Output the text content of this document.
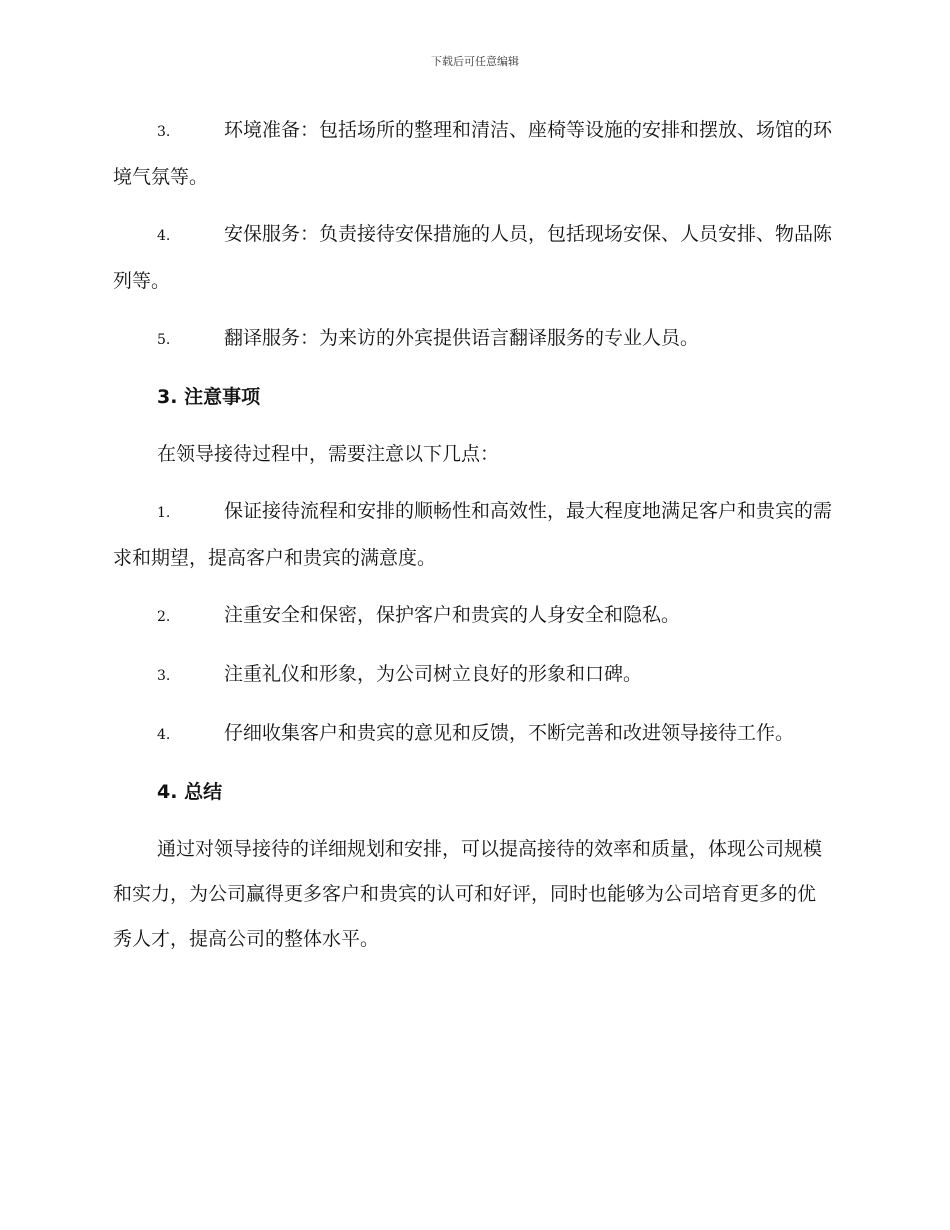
下载后可任意编辑
3.	环境准备：包括场所的整理和清洁、座椅等设施的安排和摆放、场馆的环境气氛等。
4.	安保服务：负责接待安保措施的人员，包括现场安保、人员安排、物品陈列等。
5.	翻译服务：为来访的外宾提供语言翻译服务的专业人员。
3. 注意事项
在领导接待过程中，需要注意以下几点：
1.	保证接待流程和安排的顺畅性和高效性，最大程度地满足客户和贵宾的需求和期望，提高客户和贵宾的满意度。
2.	注重安全和保密，保护客户和贵宾的人身安全和隐私。
3.	注重礼仪和形象，为公司树立良好的形象和口碑。
4.	仔细收集客户和贵宾的意见和反馈，不断完善和改进领导接待工作。
4. 总结
通过对领导接待的详细规划和安排，可以提高接待的效率和质量，体现公司规模和实力，为公司赢得更多客户和贵宾的认可和好评，同时也能够为公司培育更多的优秀人才，提高公司的整体水平。
